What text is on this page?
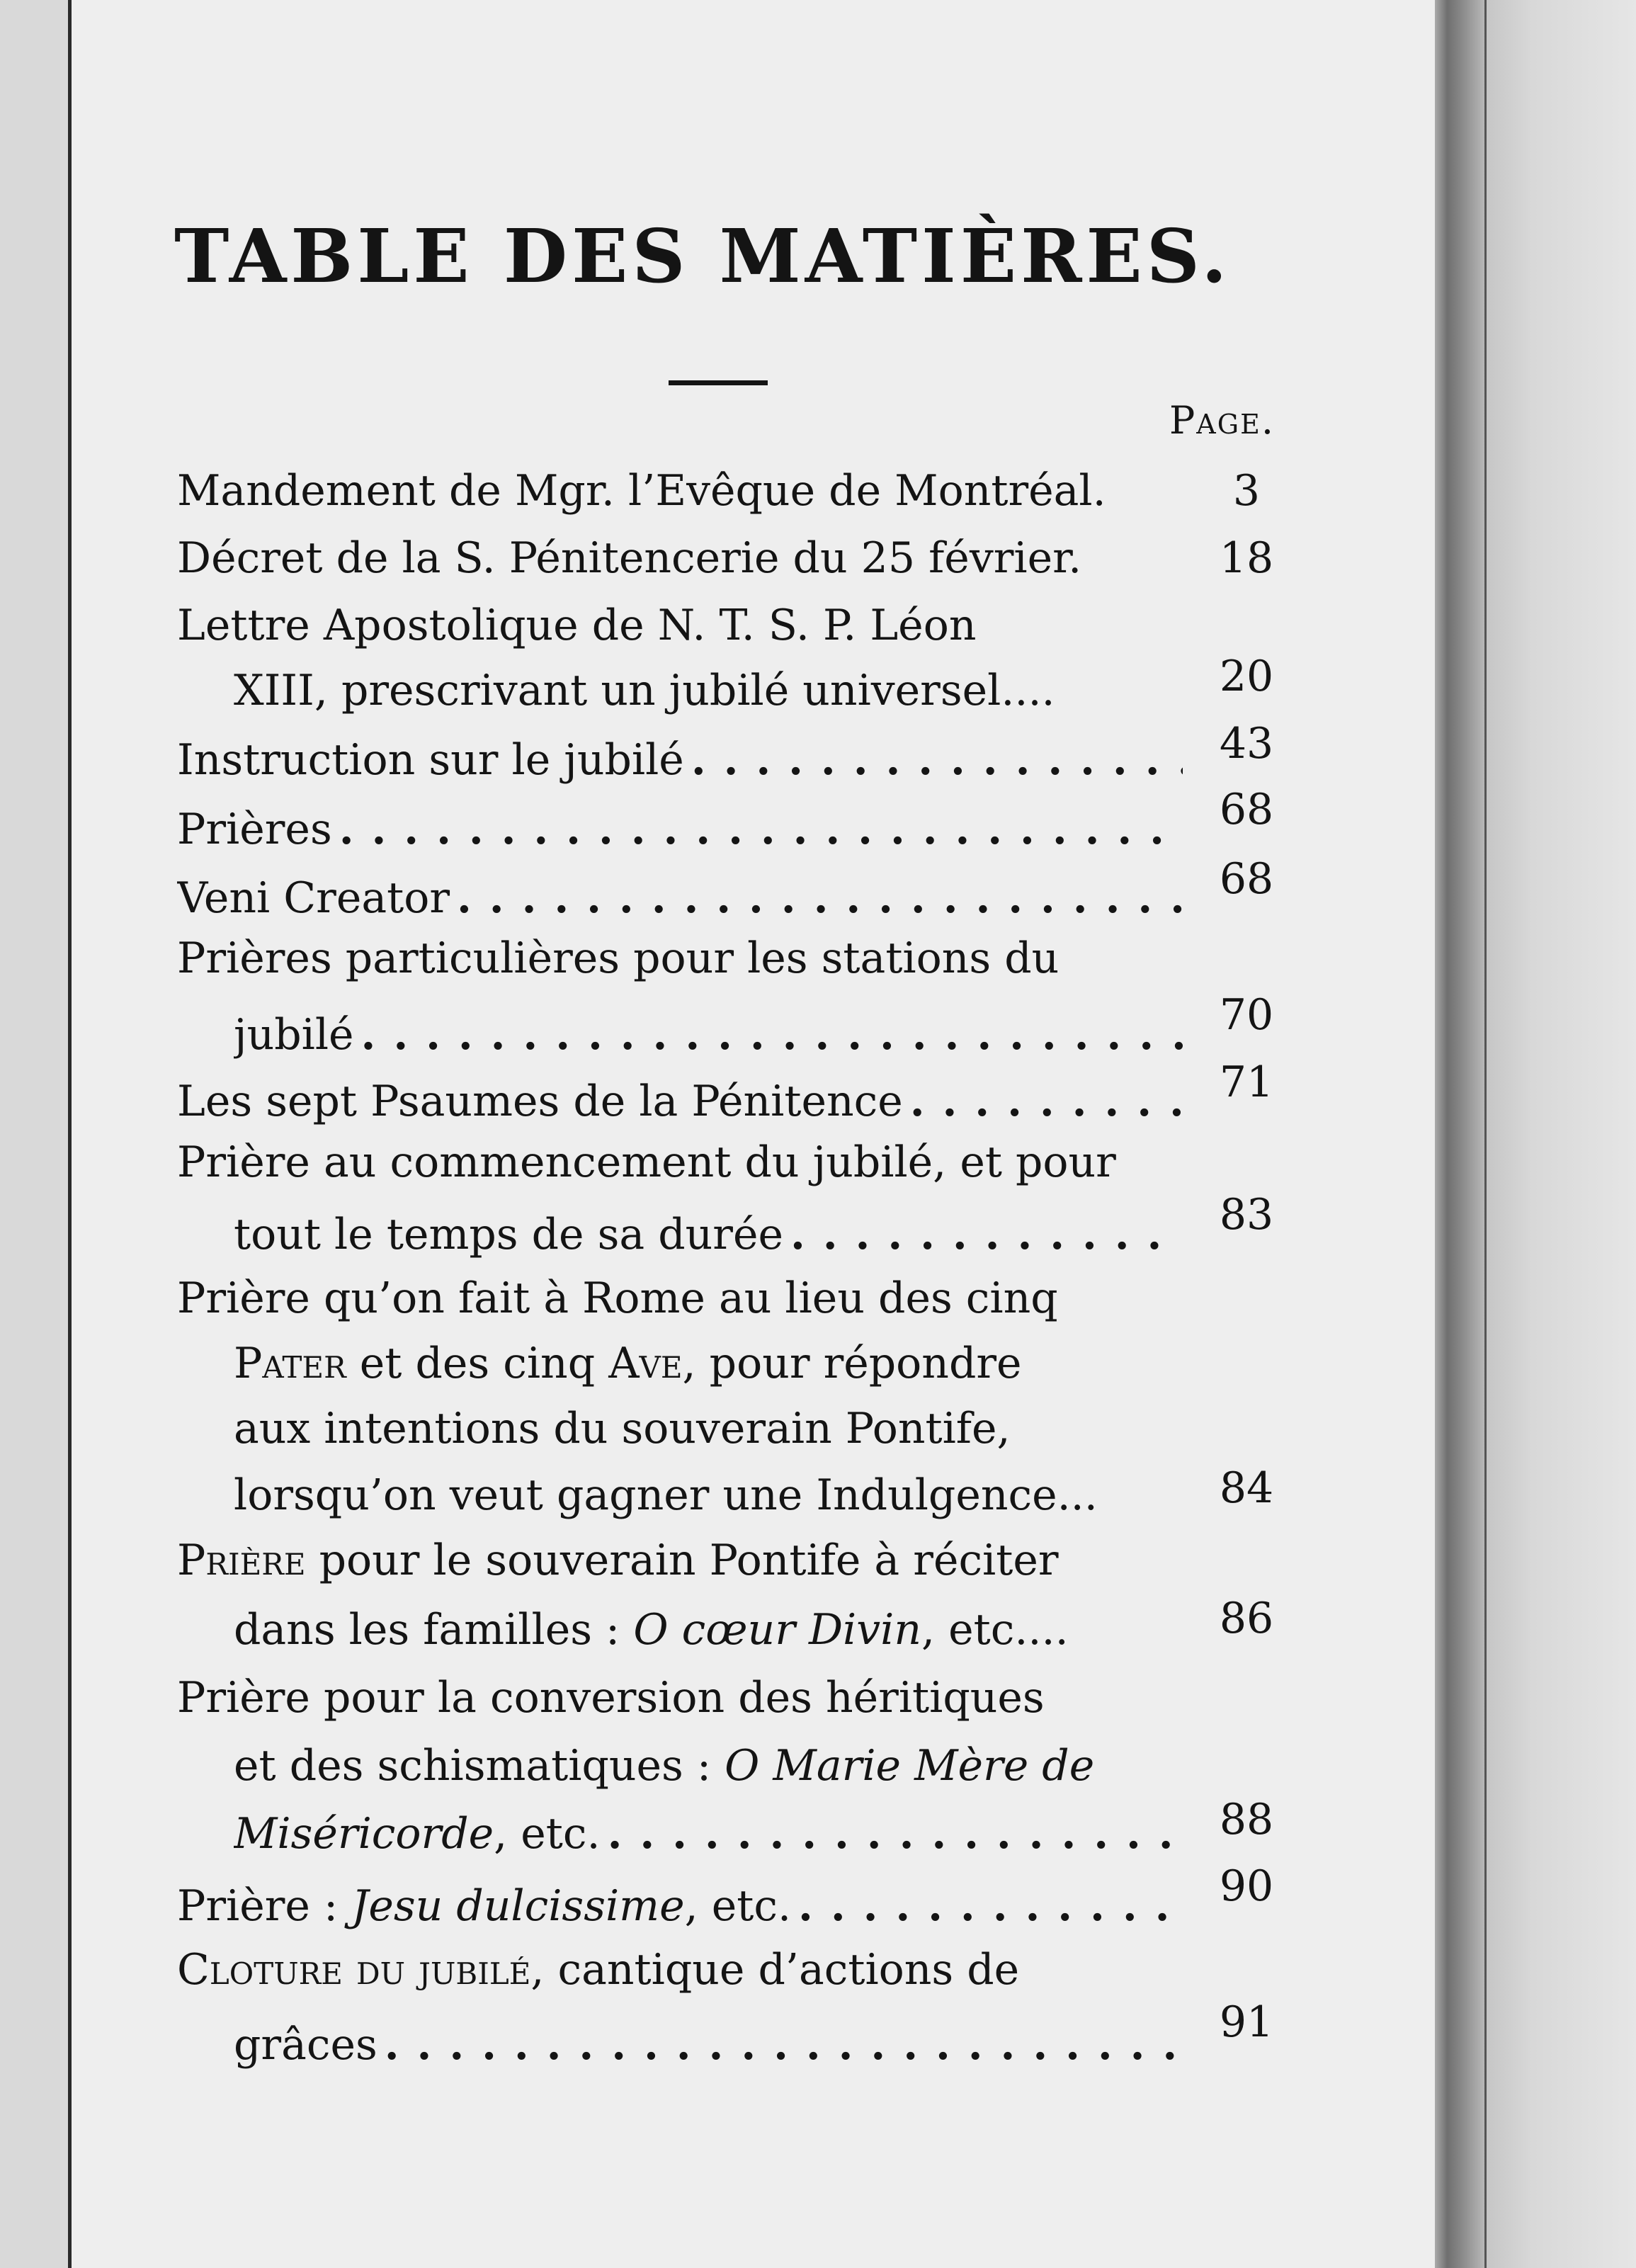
TABLE DES MATIÈRES.
Page.
Mandement de Mgr. l’Evêque de Montréal.	3
Décret de la S. Pénitencerie du 25 février.	18
Lettre Apostolique de N. T. S. P. Léon
XIII, prescrivant un jubilé universel....	20
Instruction sur le jubilé . . .	43
Prières . . .	68
Veni Creator . . .	68
Prières particulières pour les stations du
jubilé . . .	70
Les sept Psaumes de la Pénitence . . .	71
Prière au commencement du jubilé, et pour
tout le temps de sa durée . . .	83
Prière qu’on fait à Rome au lieu des cinq
Pater et des cinq Ave, pour répondre
aux intentions du souverain Pontife,
lorsqu’on veut gagner une Indulgence...	84
Prière pour le souverain Pontife à réciter
dans les familles : O cœur Divin, etc....	86
Prière pour la conversion des héritiques
et des schismatiques : O Marie Mère de
Miséricorde, etc. . . .	88
Prière : Jesu dulcissime, etc. . . .	90
Cloture du jubilé, cantique d’actions de
grâces . . .	91
